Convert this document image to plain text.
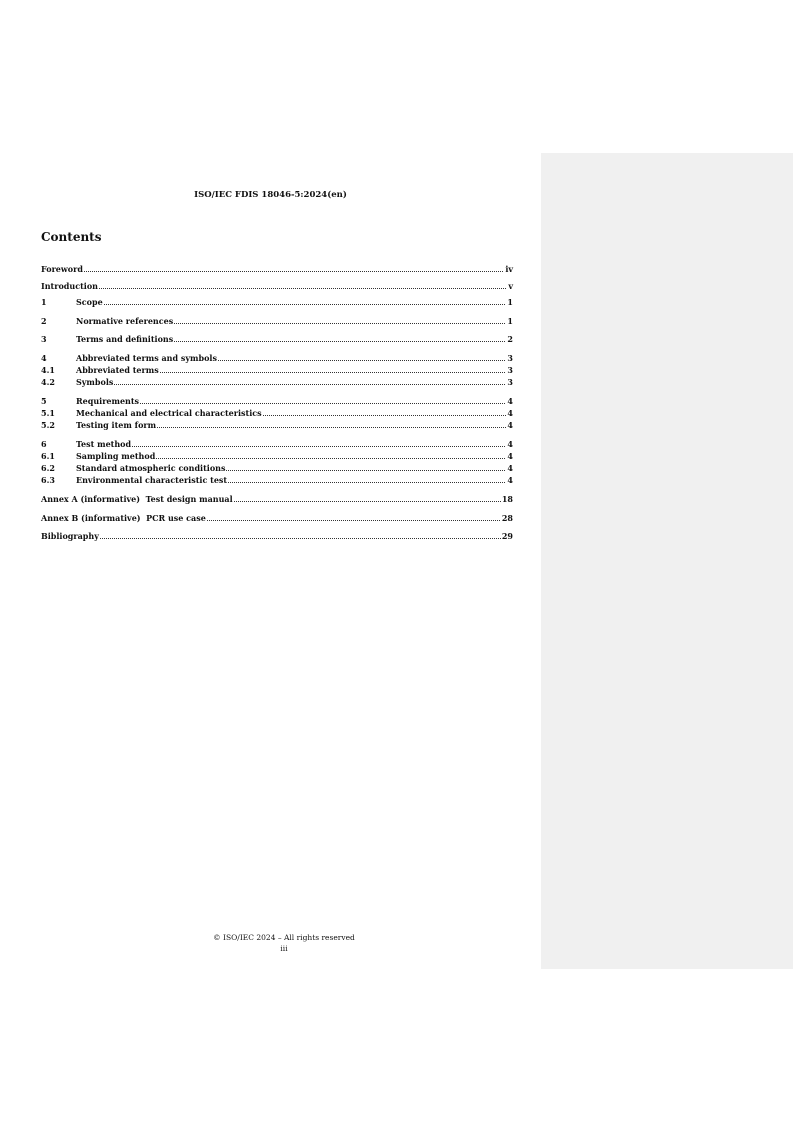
ISO/IEC FDIS 18046-5:2024(en)
Contents
Foreword	iv
Introduction	v
1	Scope	1
2	Normative references	1
3	Terms and definitions	2
4	Abbreviated terms and symbols	3
4.1	Abbreviated terms	3
4.2	Symbols	3
5	Requirements	4
5.1	Mechanical and electrical characteristics	4
5.2	Testing item form	4
6	Test method	4
6.1	Sampling method	4
6.2	Standard atmospheric conditions	4
6.3	Environmental characteristic test	4
Annex A (informative)  Test design manual	18
Annex B (informative)  PCR use case	28
Bibliography	29
© ISO/IEC 2024 – All rights reserved
iii
